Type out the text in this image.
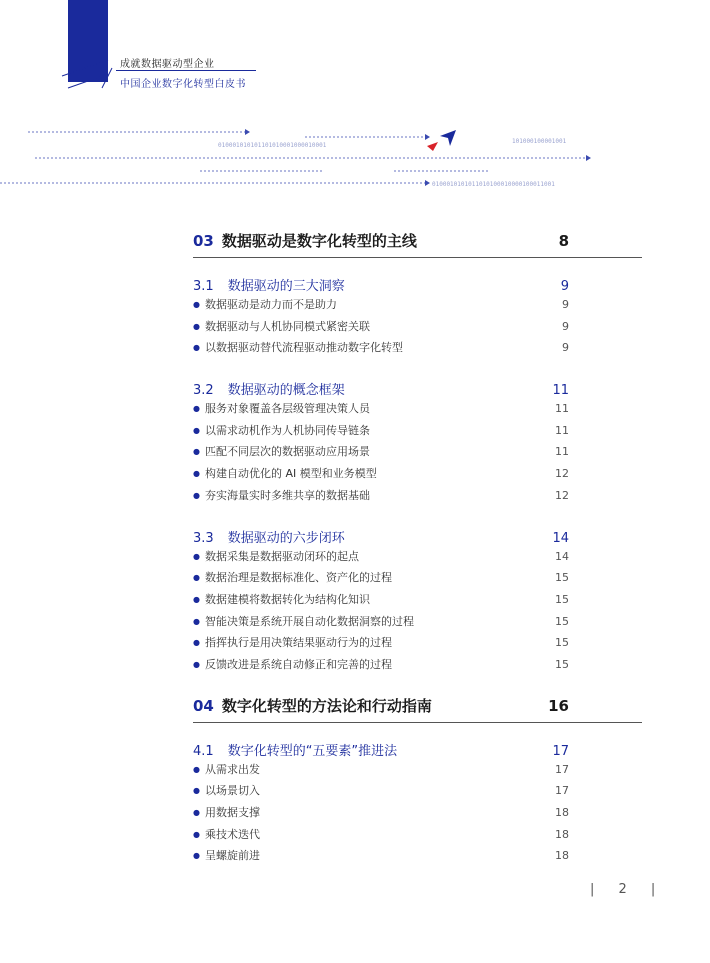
成就数据驱动型企业
中国企业数字化转型白皮书
010001010101101010001000010001
101000100001001
0100010101011010100010000100011001
03 数据驱动是数字化转型的主线	8
3.1 数据驱动的三大洞察	9
● 数据驱动是动力而不是助力	9
● 数据驱动与人机协同模式紧密关联	9
● 以数据驱动替代流程驱动推动数字化转型	9
3.2 数据驱动的概念框架	11
● 服务对象覆盖各层级管理决策人员	11
● 以需求动机作为人机协同传导链条	11
● 匹配不同层次的数据驱动应用场景	11
● 构建自动优化的 AI 模型和业务模型	12
● 夯实海量实时多维共享的数据基础	12
3.3 数据驱动的六步闭环	14
● 数据采集是数据驱动闭环的起点	14
● 数据治理是数据标准化、资产化的过程	15
● 数据建模将数据转化为结构化知识	15
● 智能决策是系统开展自动化数据洞察的过程	15
● 指挥执行是用决策结果驱动行为的过程	15
● 反馈改进是系统自动修正和完善的过程	15
04 数字化转型的方法论和行动指南	16
4.1 数字化转型的“五要素”推进法	17
● 从需求出发	17
● 以场景切入	17
● 用数据支撑	18
● 乘技术迭代	18
● 呈螺旋前进	18
| 2 |
